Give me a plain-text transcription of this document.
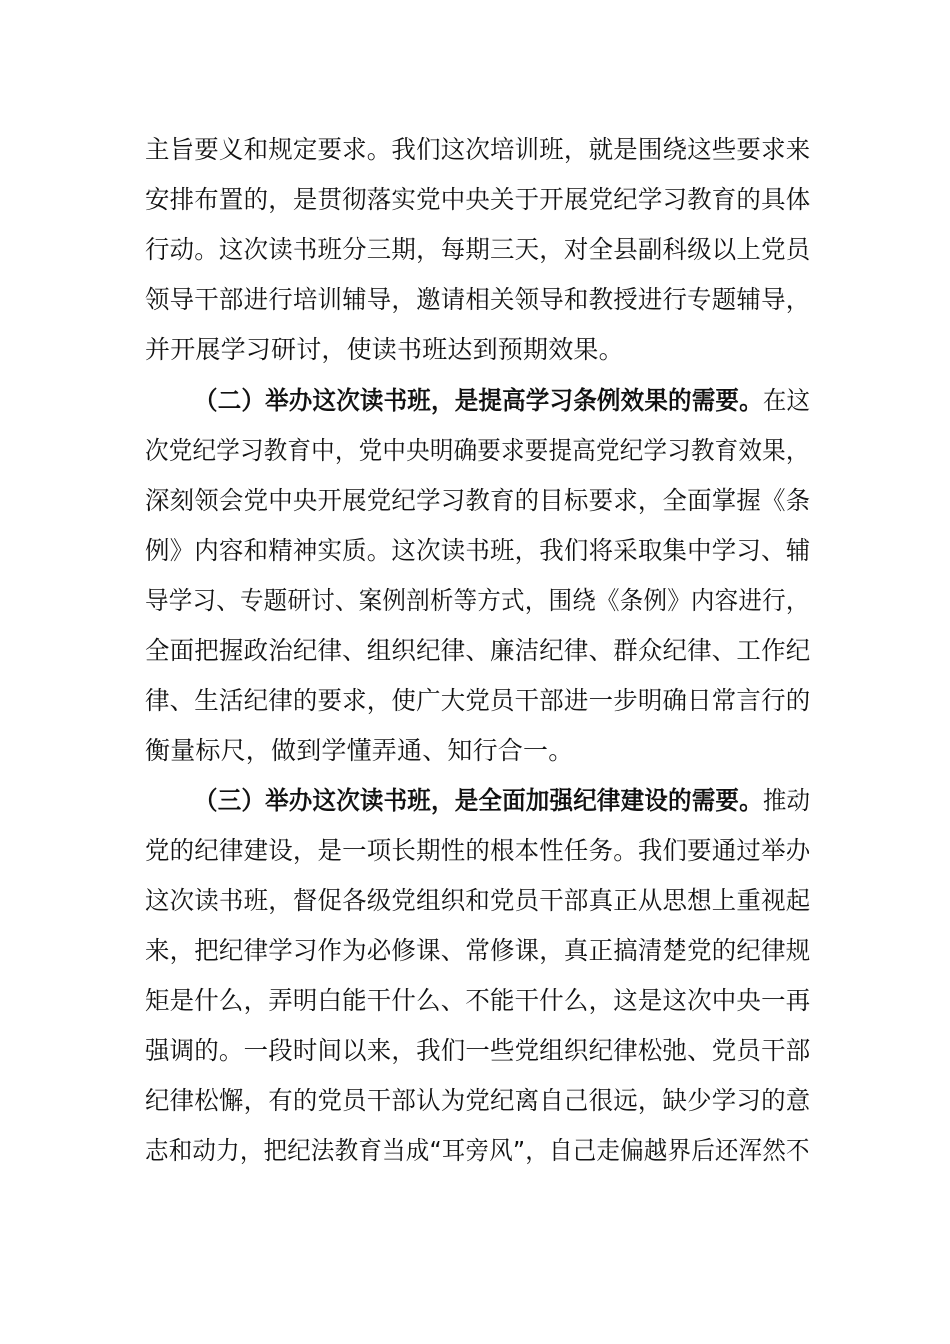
主旨要义和规定要求。我们这次培训班，就是围绕这些要求来
安排布置的，是贯彻落实党中央关于开展党纪学习教育的具体
行动。这次读书班分三期，每期三天，对全县副科级以上党员
领导干部进行培训辅导，邀请相关领导和教授进行专题辅导，
并开展学习研讨，使读书班达到预期效果。
（二）举办这次读书班，是提高学习条例效果的需要。在这
次党纪学习教育中，党中央明确要求要提高党纪学习教育效果，
深刻领会党中央开展党纪学习教育的目标要求，全面掌握《条
例》内容和精神实质。这次读书班，我们将采取集中学习、辅
导学习、专题研讨、案例剖析等方式，围绕《条例》内容进行，
全面把握政治纪律、组织纪律、廉洁纪律、群众纪律、工作纪
律、生活纪律的要求，使广大党员干部进一步明确日常言行的
衡量标尺，做到学懂弄通、知行合一。
（三）举办这次读书班，是全面加强纪律建设的需要。推动
党的纪律建设，是一项长期性的根本性任务。我们要通过举办
这次读书班，督促各级党组织和党员干部真正从思想上重视起
来，把纪律学习作为必修课、常修课，真正搞清楚党的纪律规
矩是什么，弄明白能干什么、不能干什么，这是这次中央一再
强调的。一段时间以来，我们一些党组织纪律松弛、党员干部
纪律松懈，有的党员干部认为党纪离自己很远，缺少学习的意
志和动力，把纪法教育当成“耳旁风”，自己走偏越界后还浑然不
